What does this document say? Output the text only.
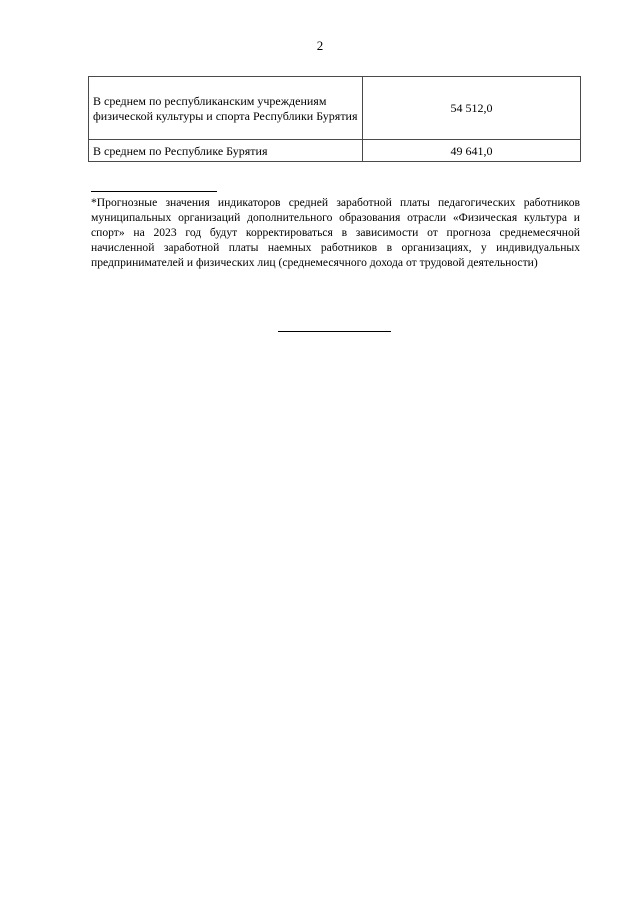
2
В среднем по республиканским учреждениям физической культуры и спорта Республики Бурятия	54 512,0
В среднем по Республике Бурятия	49 641,0
*Прогнозные значения индикаторов средней заработной платы педагогических работников муниципальных организаций дополнительного образования отрасли «Физическая культура и спорт» на 2023 год будут корректироваться в зависимости от прогноза среднемесячной начисленной заработной платы наемных работников в организациях, у индивидуальных предпринимателей и физических лиц (среднемесячного дохода от трудовой деятельности)
